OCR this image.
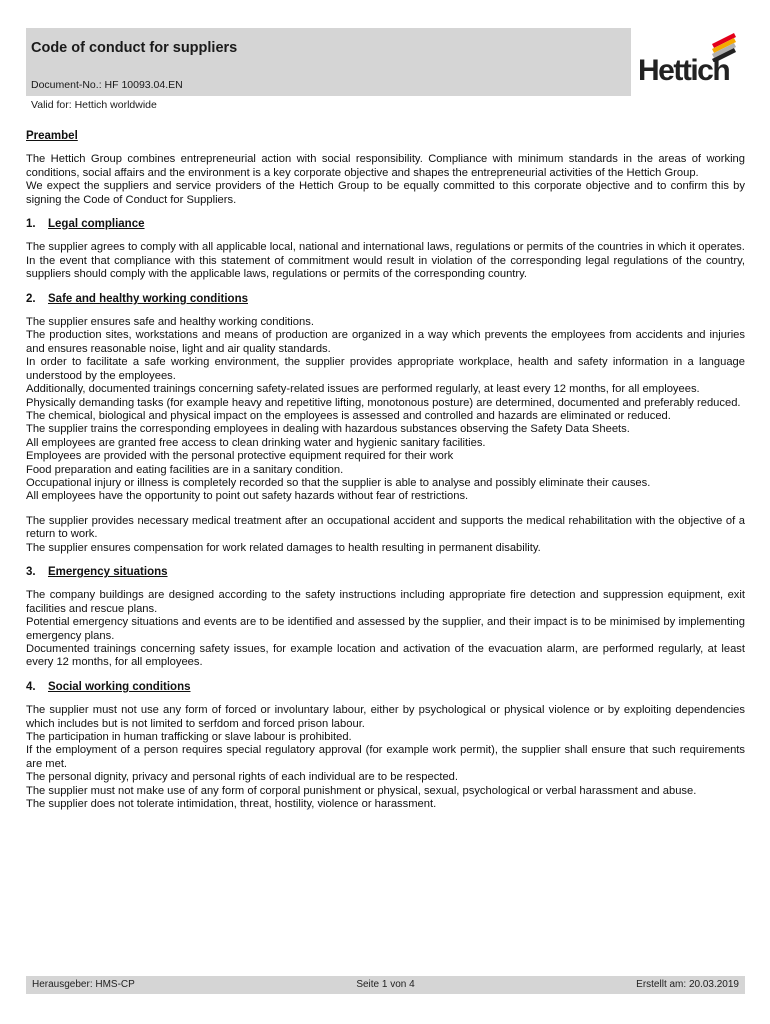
Code of conduct for suppliers
Document-No.: HF 10093.04.EN
Valid for: Hettich worldwide
Hettich

Preambel

The Hettich Group combines entrepreneurial action with social responsibility. Compliance with minimum standards in the areas of working conditions, social affairs and the environment is a key corporate objective and shapes the entrepreneurial activities of the Hettich Group.

We expect the suppliers and service providers of the Hettich Group to be equally committed to this corporate objective and to confirm this by signing the Code of Conduct for Suppliers.

1. Legal compliance

The supplier agrees to comply with all applicable local, national and international laws, regulations or permits of the countries in which it operates.

In the event that compliance with this statement of commitment would result in violation of the corresponding legal regulations of the country, suppliers should comply with the applicable laws, regulations or permits of the corresponding country.

2. Safe and healthy working conditions

The supplier ensures safe and healthy working conditions.

The production sites, workstations and means of production are organized in a way which prevents the employees from accidents and injuries and ensures reasonable noise, light and air quality standards.

In order to facilitate a safe working environment, the supplier provides appropriate workplace, health and safety information in a language understood by the employees.

Additionally, documented trainings concerning safety-related issues are performed regularly, at least every 12 months, for all employees.

Physically demanding tasks (for example heavy and repetitive lifting, monotonous posture) are determined, documented and preferably reduced.

The chemical, biological and physical impact on the employees is assessed and controlled and hazards are eliminated or reduced.

The supplier trains the corresponding employees in dealing with hazardous substances observing the Safety Data Sheets.

All employees are granted free access to clean drinking water and hygienic sanitary facilities.

Employees are provided with the personal protective equipment required for their work

Food preparation and eating facilities are in a sanitary condition.

Occupational injury or illness is completely recorded so that the supplier is able to analyse and possibly eliminate their causes.

All employees have the opportunity to point out safety hazards without fear of restrictions.

The supplier provides necessary medical treatment after an occupational accident and supports the medical rehabilitation with the objective of a return to work.

The supplier ensures compensation for work related damages to health resulting in permanent disability.

3. Emergency situations

The company buildings are designed according to the safety instructions including appropriate fire detection and suppression equipment, exit facilities and rescue plans.

Potential emergency situations and events are to be identified and assessed by the supplier, and their impact is to be minimised by implementing emergency plans.

Documented trainings concerning safety issues, for example location and activation of the evacuation alarm, are performed regularly, at least every 12 months, for all employees.

4. Social working conditions

The supplier must not use any form of forced or involuntary labour, either by psychological or physical violence or by exploiting dependencies which includes but is not limited to serfdom and forced prison labour.

The participation in human trafficking or slave labour is prohibited.

If the employment of a person requires special regulatory approval (for example work permit), the supplier shall ensure that such requirements are met.

The personal dignity, privacy and personal rights of each individual are to be respected.

The supplier must not make use of any form of corporal punishment or physical, sexual, psychological or verbal harassment and abuse.

The supplier does not tolerate intimidation, threat, hostility, violence or harassment.

Herausgeber: HMS-CP	Seite 1 von 4	Erstellt am: 20.03.2019
